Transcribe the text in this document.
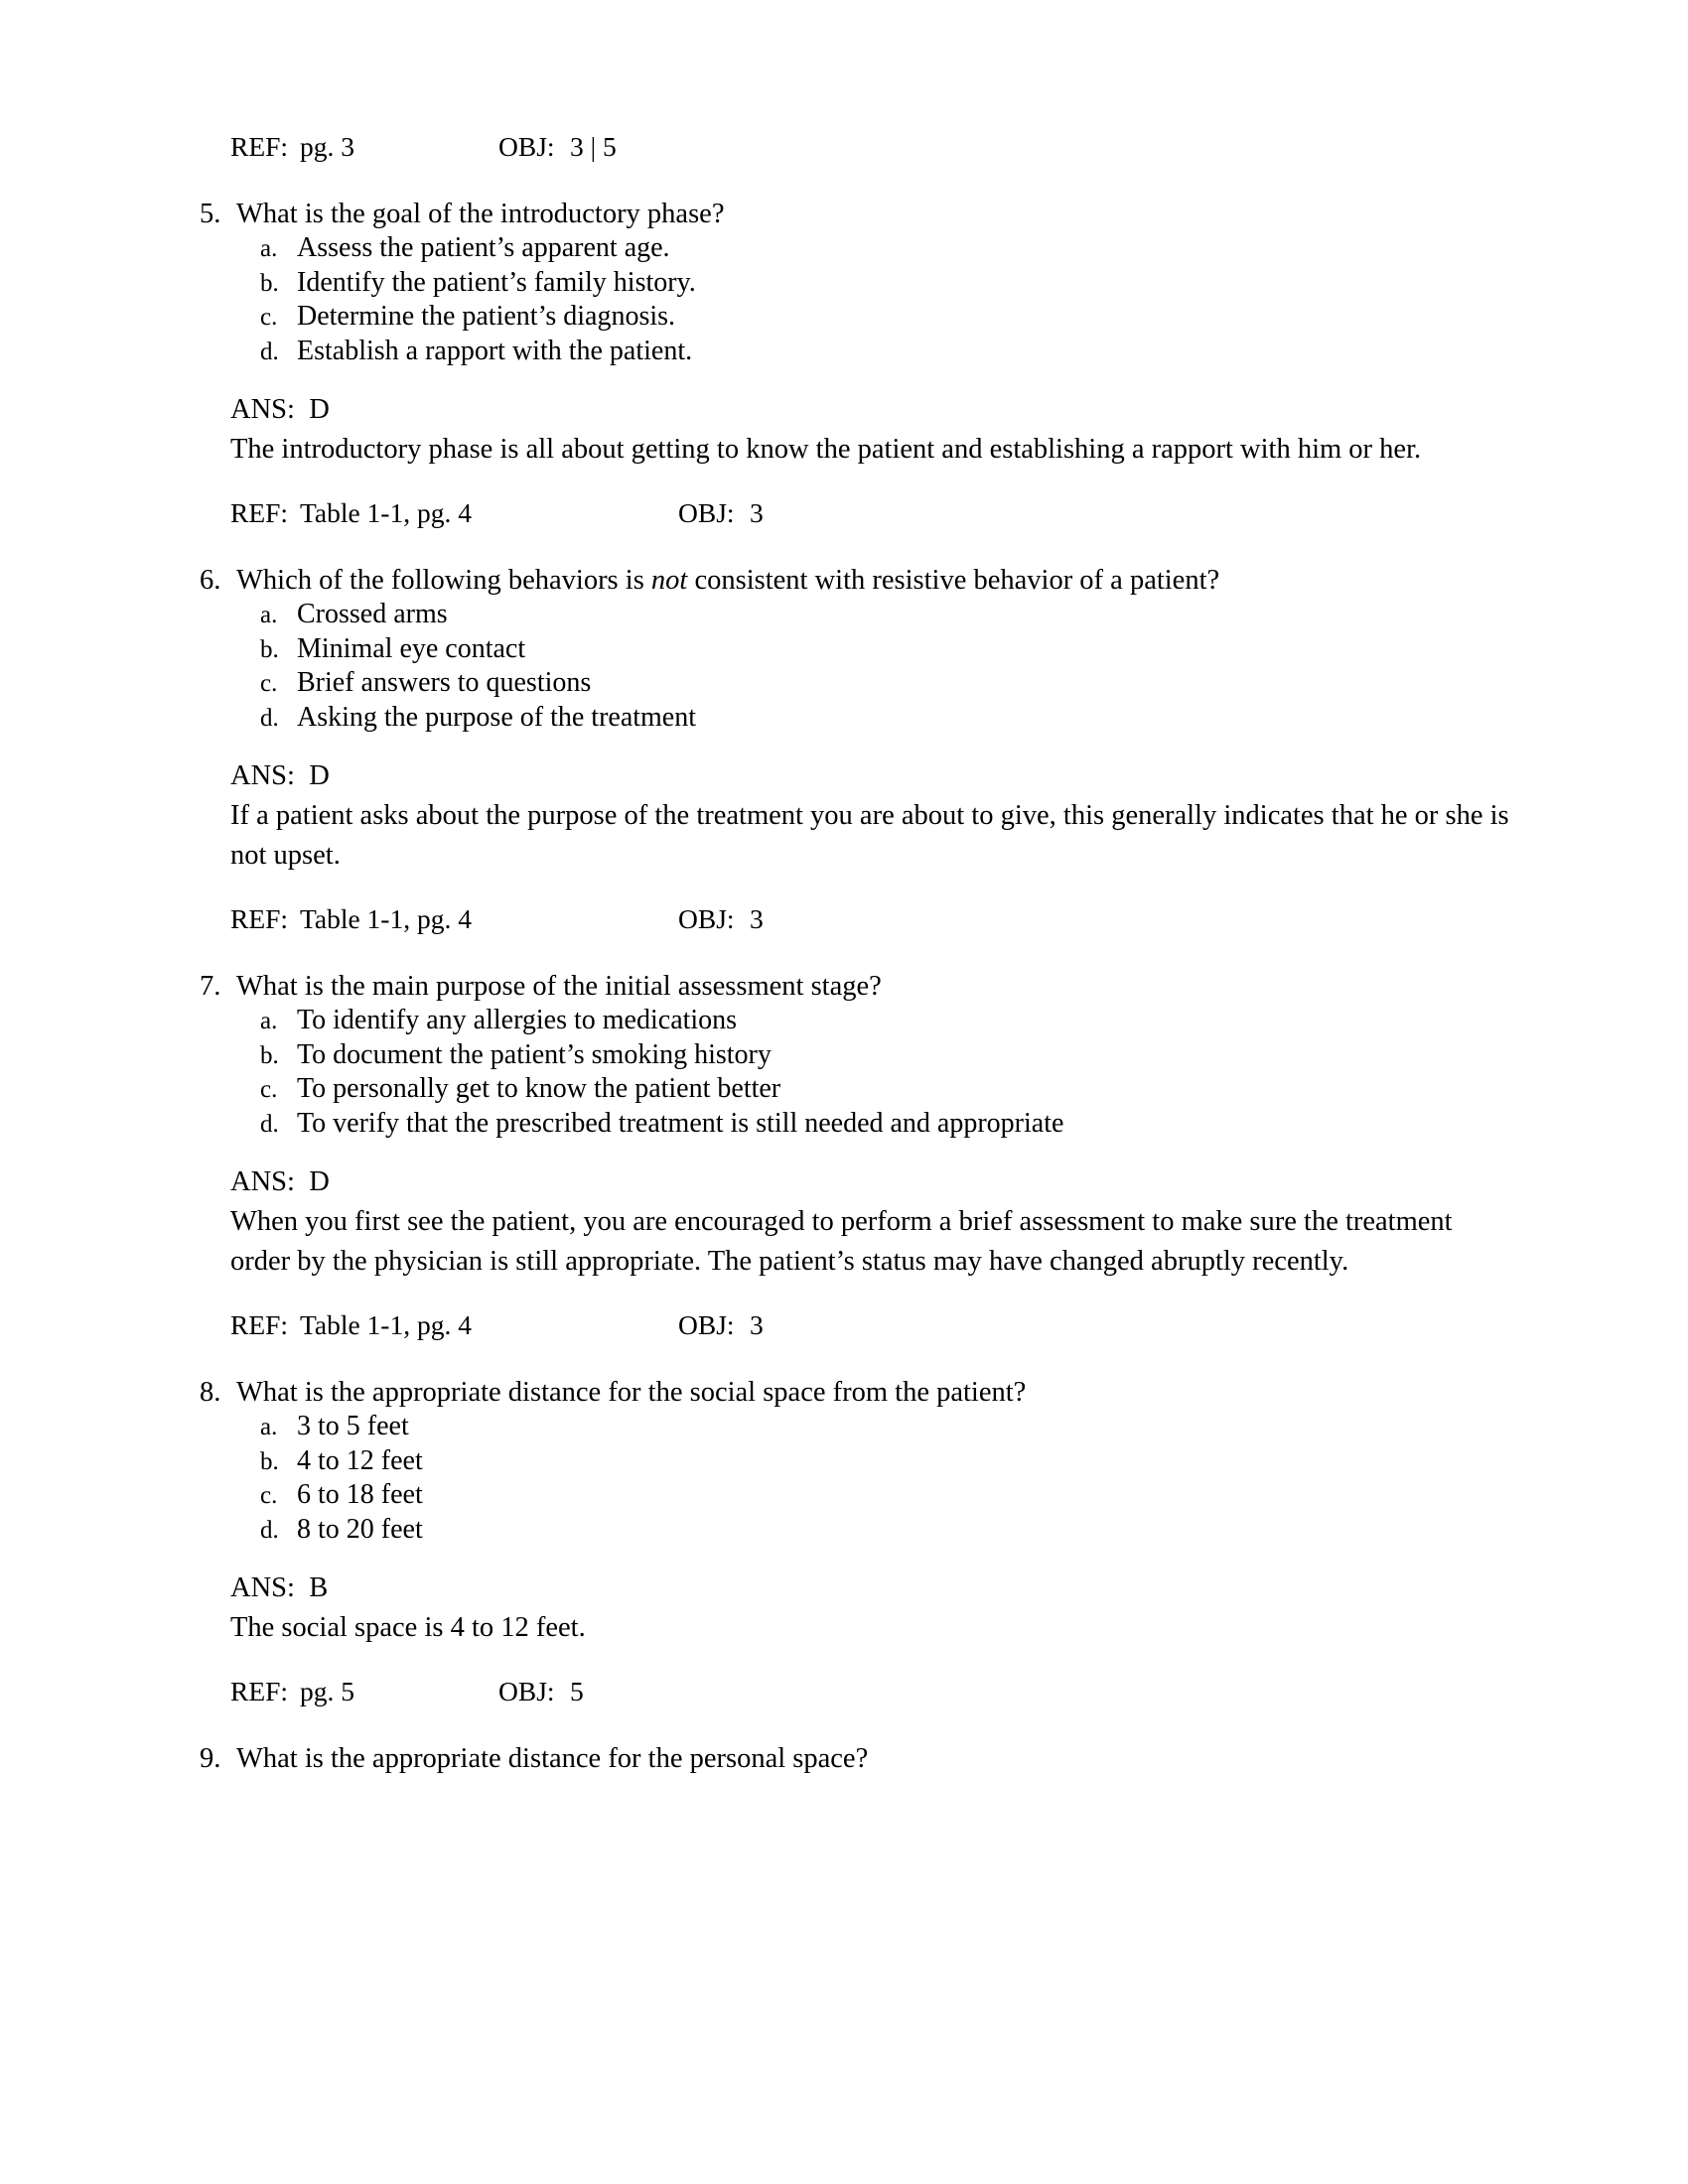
REF: pg. 3	OBJ: 3 | 5
5. What is the goal of the introductory phase?
a. Assess the patient’s apparent age.
b. Identify the patient’s family history.
c. Determine the patient’s diagnosis.
d. Establish a rapport with the patient.
ANS: D
The introductory phase is all about getting to know the patient and establishing a rapport with him or her.
REF: Table 1-1, pg. 4	OBJ: 3
6. Which of the following behaviors is not consistent with resistive behavior of a patient?
a. Crossed arms
b. Minimal eye contact
c. Brief answers to questions
d. Asking the purpose of the treatment
ANS: D
If a patient asks about the purpose of the treatment you are about to give, this generally indicates that he or she is not upset.
REF: Table 1-1, pg. 4	OBJ: 3
7. What is the main purpose of the initial assessment stage?
a. To identify any allergies to medications
b. To document the patient’s smoking history
c. To personally get to know the patient better
d. To verify that the prescribed treatment is still needed and appropriate
ANS: D
When you first see the patient, you are encouraged to perform a brief assessment to make sure the treatment order by the physician is still appropriate. The patient’s status may have changed abruptly recently.
REF: Table 1-1, pg. 4	OBJ: 3
8. What is the appropriate distance for the social space from the patient?
a. 3 to 5 feet
b. 4 to 12 feet
c. 6 to 18 feet
d. 8 to 20 feet
ANS: B
The social space is 4 to 12 feet.
REF: pg. 5	OBJ: 5
9. What is the appropriate distance for the personal space?
